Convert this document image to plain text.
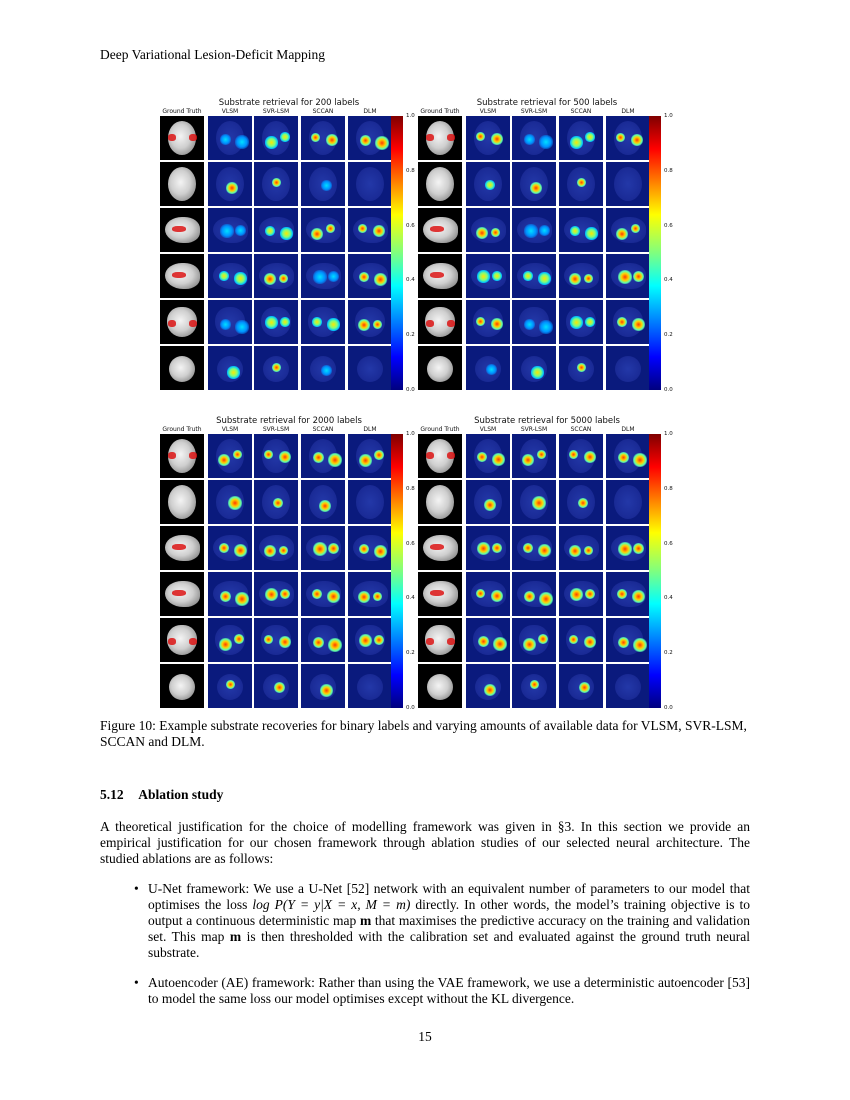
Deep Variational Lesion-Deficit Mapping
Substrate retrieval for 200 labels
Ground Truth	VLSM	SVR-LSM	SCCAN	DLM
1.0
0.8
0.6
0.4
0.2
0.0
Substrate retrieval for 500 labels
Ground Truth	VLSM	SVR-LSM	SCCAN	DLM
1.0
0.8
0.6
0.4
0.2
0.0
Substrate retrieval for 2000 labels
Ground Truth	VLSM	SVR-LSM	SCCAN	DLM
1.0
0.8
0.6
0.4
0.2
0.0
Substrate retrieval for 5000 labels
Ground Truth	VLSM	SVR-LSM	SCCAN	DLM
1.0
0.8
0.6
0.4
0.2
0.0
Figure 10: Example substrate recoveries for binary labels and varying amounts of available data for VLSM, SVR-LSM, SCCAN and DLM.
5.12 Ablation study
A theoretical justification for the choice of modelling framework was given in §3. In this section we provide an empirical justification for our chosen framework through ablation studies of our selected neural architecture. The studied ablations are as follows:
• U-Net framework: We use a U-Net [52] network with an equivalent number of parameters to our model that optimises the loss log P(Y = y|X = x, M = m) directly. In other words, the model’s training objective is to output a continuous deterministic map m that maximises the predictive accuracy on the training and validation set. This map m is then thresholded with the calibration set and evaluated against the ground truth neural substrate.
• Autoencoder (AE) framework: Rather than using the VAE framework, we use a deterministic autoencoder [53] to model the same loss our model optimises except without the KL divergence.
15
